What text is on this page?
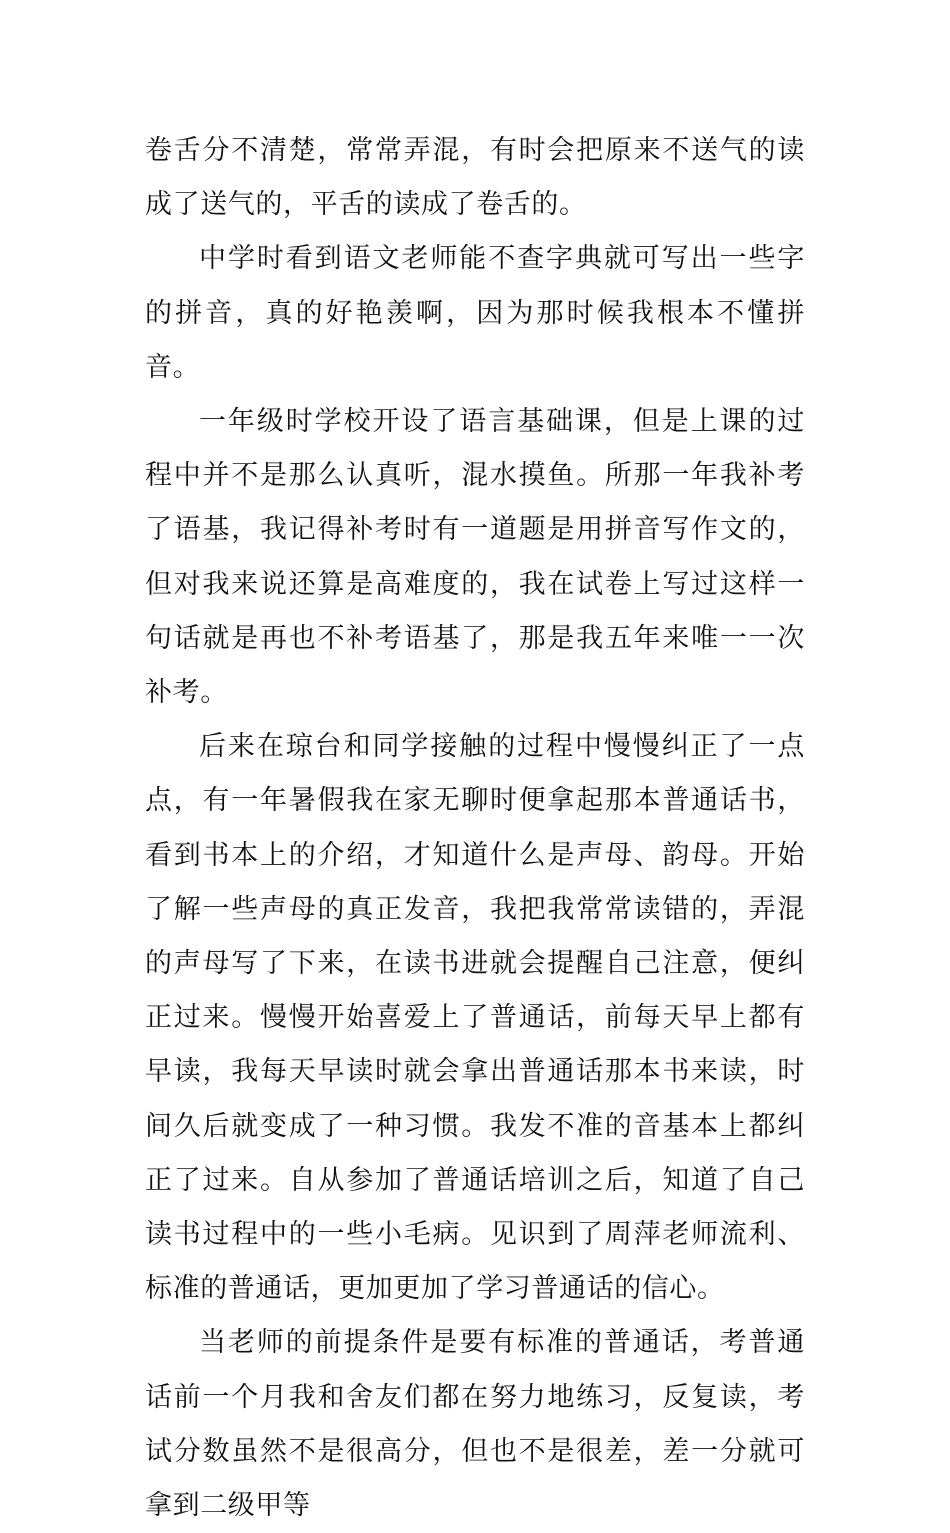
卷舌分不清楚，常常弄混，有时会把原来不送气的读成了送气的，平舌的读成了卷舌的。

中学时看到语文老师能不查字典就可写出一些字的拼音，真的好艳羡啊，因为那时候我根本不懂拼音。

一年级时学校开设了语言基础课，但是上课的过程中并不是那么认真听，混水摸鱼。所那一年我补考了语基，我记得补考时有一道题是用拼音写作文的，但对我来说还算是高难度的，我在试卷上写过这样一句话就是再也不补考语基了，那是我五年来唯一一次补考。

后来在琼台和同学接触的过程中慢慢纠正了一点点，有一年暑假我在家无聊时便拿起那本普通话书，看到书本上的介绍，才知道什么是声母、韵母。开始了解一些声母的真正发音，我把我常常读错的，弄混的声母写了下来，在读书进就会提醒自己注意，便纠正过来。慢慢开始喜爱上了普通话，前每天早上都有早读，我每天早读时就会拿出普通话那本书来读，时间久后就变成了一种习惯。我发不准的音基本上都纠正了过来。自从参加了普通话培训之后，知道了自己读书过程中的一些小毛病。见识到了周萍老师流利、标准的普通话，更加更加了学习普通话的信心。

当老师的前提条件是要有标准的普通话，考普通话前一个月我和舍友们都在努力地练习，反复读，考试分数虽然不是很高分，但也不是很差，差一分就可拿到二级甲等
